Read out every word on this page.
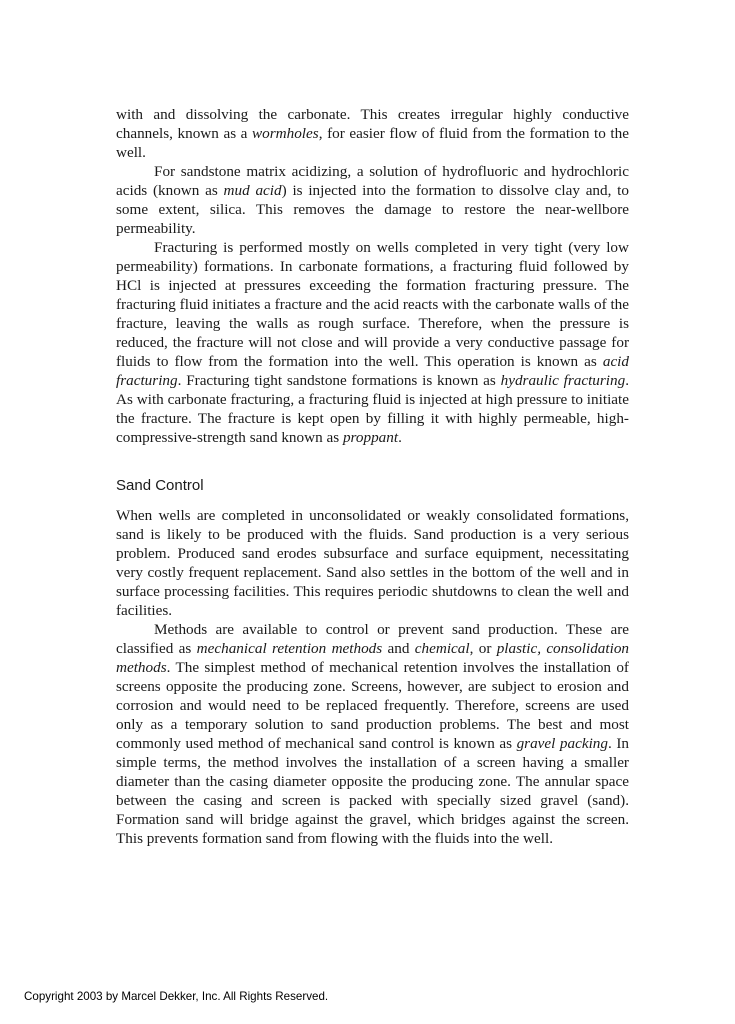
with and dissolving the carbonate. This creates irregular highly conductive channels, known as a wormholes, for easier flow of fluid from the formation to the well.

For sandstone matrix acidizing, a solution of hydrofluoric and hydrochloric acids (known as mud acid) is injected into the formation to dissolve clay and, to some extent, silica. This removes the damage to restore the near-wellbore permeability.

Fracturing is performed mostly on wells completed in very tight (very low permeability) formations. In carbonate formations, a fracturing fluid followed by HCl is injected at pressures exceeding the formation fracturing pressure. The fracturing fluid initiates a fracture and the acid reacts with the carbonate walls of the fracture, leaving the walls as rough surface. Therefore, when the pressure is reduced, the fracture will not close and will provide a very conductive passage for fluids to flow from the formation into the well. This operation is known as acid fracturing. Fracturing tight sandstone formations is known as hydraulic fracturing. As with carbonate fracturing, a fracturing fluid is injected at high pressure to initiate the fracture. The fracture is kept open by filling it with highly permeable, high-compressive-strength sand known as proppant.

Sand Control

When wells are completed in unconsolidated or weakly consolidated formations, sand is likely to be produced with the fluids. Sand production is a very serious problem. Produced sand erodes subsurface and surface equipment, necessitating very costly frequent replacement. Sand also settles in the bottom of the well and in surface processing facilities. This requires periodic shutdowns to clean the well and facilities.

Methods are available to control or prevent sand production. These are classified as mechanical retention methods and chemical, or plastic, consolidation methods. The simplest method of mechanical retention involves the installation of screens opposite the producing zone. Screens, however, are subject to erosion and corrosion and would need to be replaced frequently. Therefore, screens are used only as a temporary solution to sand production problems. The best and most commonly used method of mechanical sand control is known as gravel packing. In simple terms, the method involves the installation of a screen having a smaller diameter than the casing diameter opposite the producing zone. The annular space between the casing and screen is packed with specially sized gravel (sand). Formation sand will bridge against the gravel, which bridges against the screen. This prevents formation sand from flowing with the fluids into the well.

Copyright 2003 by Marcel Dekker, Inc. All Rights Reserved.
